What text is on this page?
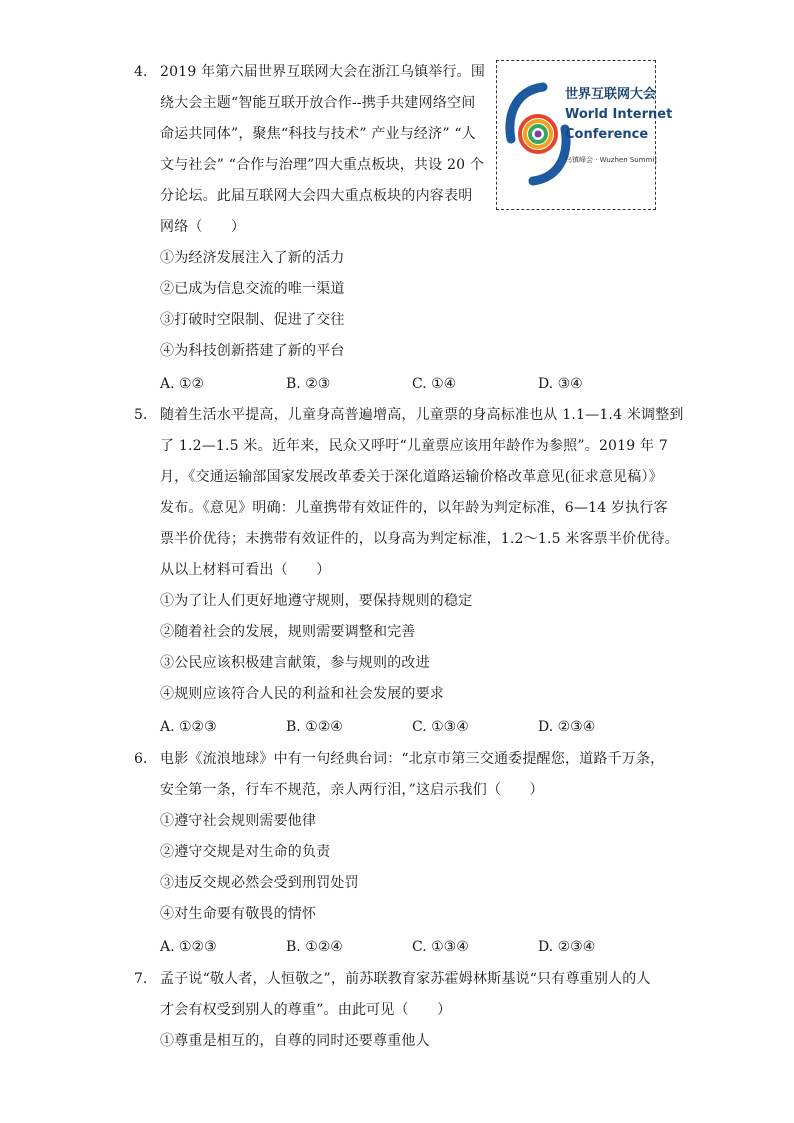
世界互联网大会
World Internet
Conference
乌镇峰会 · Wuzhen Summit
4. 2019 年第六届世界互联网大会在浙江乌镇举行。围
绕大会主题“智能互联开放合作--携手共建网络空间
命运共同体”，聚焦“科技与技术” 产业与经济” “人
文与社会” “合作与治理”四大重点板块，共设 20 个
分论坛。此届互联网大会四大重点板块的内容表明
网络（　　）
①为经济发展注入了新的活力
②已成为信息交流的唯一渠道
③打破时空限制、促进了交往
④为科技创新搭建了新的平台
A. ①②	B. ②③	C. ①④	D. ③④
5. 随着生活水平提高，儿童身高普遍增高，儿童票的身高标准也从 1.1—1.4 米调整到
了 1.2—1.5 米。近年来，民众又呼吁“儿童票应该用年龄作为参照”。2019 年 7
月，《交通运输部国家发展改革委关于深化道路运输价格改革意见(征求意见稿）》
发布。《意见》明确：儿童携带有效证件的，以年龄为判定标准，6—14 岁执行客
票半价优待；未携带有效证件的，以身高为判定标准，1.2～1.5 米客票半价优待。
从以上材料可看出（　　）
①为了让人们更好地遵守规则，要保持规则的稳定
②随着社会的发展，规则需要调整和完善
③公民应该积极建言献策，参与规则的改进
④规则应该符合人民的利益和社会发展的要求
A. ①②③	B. ①②④	C. ①③④	D. ②③④
6. 电影《流浪地球》中有一句经典台词：“北京市第三交通委提醒您，道路千万条，
安全第一条，行车不规范，亲人两行泪，”这启示我们（　　）
①遵守社会规则需要他律
②遵守交规是对生命的负责
③违反交规必然会受到刑罚处罚
④对生命要有敬畏的情怀
A. ①②③	B. ①②④	C. ①③④	D. ②③④
7. 孟子说“敬人者，人恒敬之”，前苏联教育家苏霍姆林斯基说“只有尊重别人的人
才会有权受到别人的尊重”。由此可见（　　）
①尊重是相互的，自尊的同时还要尊重他人
